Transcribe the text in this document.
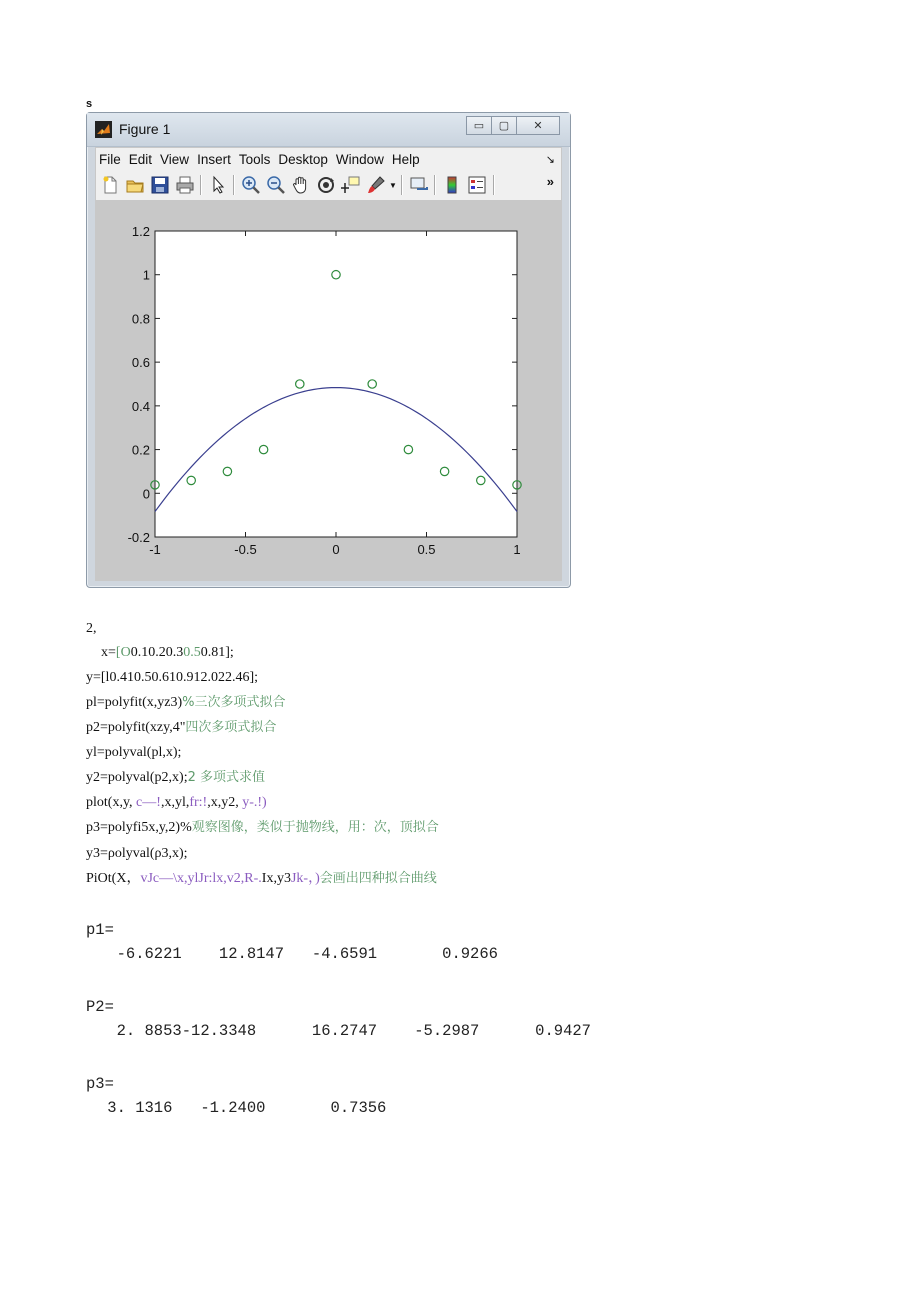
s
Figure 1	▭	▢	✕
File Edit View Insert Tools Desktop Window Help	↘
▼	»
-1	-0.5	0	0.5	1
-0.2
0
0.2
0.4
0.6
0.8
1
1.2
2,
x=[O0.10.20.30.50.81];
y=[l0.410.50.610.912.022.46];
pl=polyfit(x,yz3)%三次多项式拟合
p2=polyfit(xzy,4"四次多项式拟合
yl=polyval(pl,x);
y2=polyval(p2,x);2 多项式求值
plot(x,y, c—!,x,yl,fr:!,x,y2, y-.!)
p3=polyfi5x,y,2)%观察图像，类似于抛物线，用：次，顶拟合
y3=ρolyval(ρ3,x);
PiOt(X，vJc—\x,ylJr:lx,v2,R-.Ix,y3Jk-，)会画出四种拟合曲线
p1=
-6.6221    12.8147   -4.6591       0.9266
P2=
2. 8853-12.3348      16.2747    -5.2987      0.9427
p3=
3. 1316   -1.2400       0.7356
